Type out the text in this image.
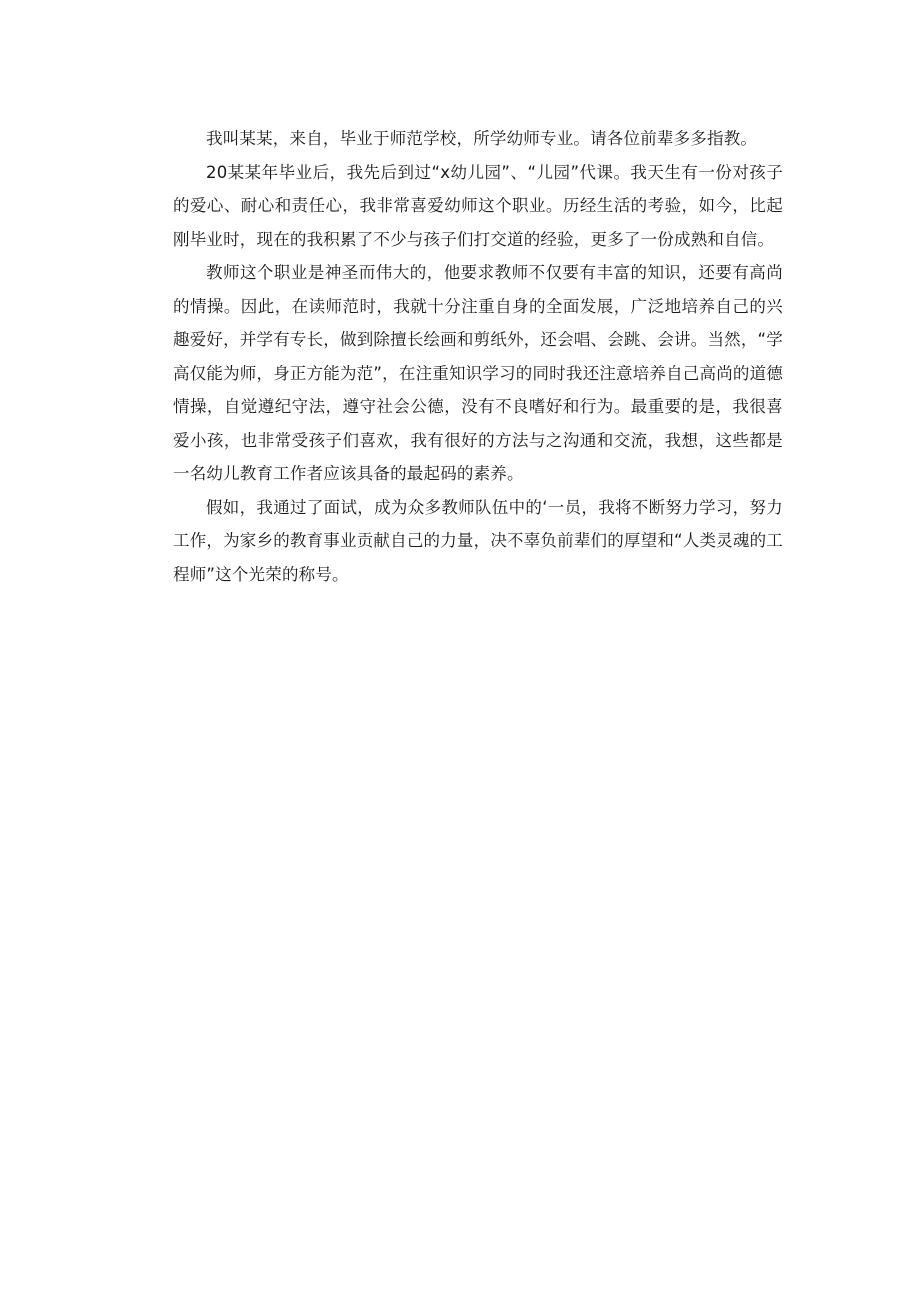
我叫某某，来自，毕业于师范学校，所学幼师专业。请各位前辈多多指教。

20某某年毕业后，我先后到过“x幼儿园”、“儿园”代课。我天生有一份对孩子的爱心、耐心和责任心，我非常喜爱幼师这个职业。历经生活的考验，如今，比起刚毕业时，现在的我积累了不少与孩子们打交道的经验，更多了一份成熟和自信。

教师这个职业是神圣而伟大的，他要求教师不仅要有丰富的知识，还要有高尚的情操。因此，在读师范时，我就十分注重自身的全面发展，广泛地培养自己的兴趣爱好，并学有专长，做到除擅长绘画和剪纸外，还会唱、会跳、会讲。当然，“学高仅能为师，身正方能为范”，在注重知识学习的同时我还注意培养自己高尚的道德情操，自觉遵纪守法，遵守社会公德，没有不良嗜好和行为。最重要的是，我很喜爱小孩，也非常受孩子们喜欢，我有很好的方法与之沟通和交流，我想，这些都是一名幼儿教育工作者应该具备的最起码的素养。

假如，我通过了面试，成为众多教师队伍中的‘一员，我将不断努力学习，努力工作，为家乡的教育事业贡献自己的力量，决不辜负前辈们的厚望和“人类灵魂的工程师”这个光荣的称号。
